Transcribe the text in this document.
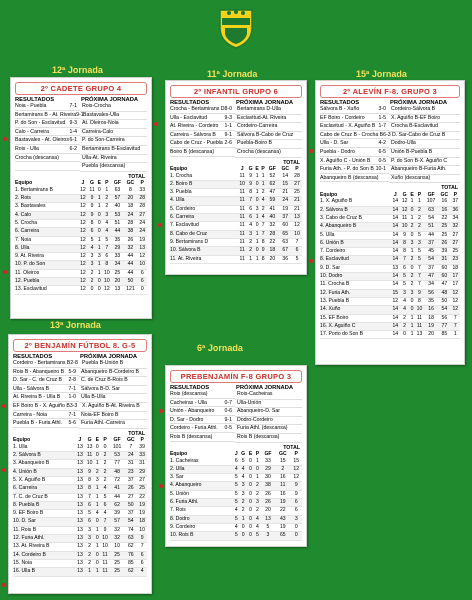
12ª Jornada	11ª Jornada	15ª Jornada
13ª Jornada
6ª Jornada
2º CADETE GRUPO 4
RESULTADOS	PRÓXIMA JORNADA
Noia - Puebla	7-1 Rois-Crocha
Bertamirans B - At. Riveira 9-1 Bastavales-Ulla
P. do Son - Esclavitud 9-3 At. Oleiros-Noia
Calo - Carreira	1-4 Carreira-Calo
Bastavales - At. Oleiros 6-1 P. do Son-Carreira
Rois - Ulla	6-2 Bertamirans B-Esclavitud
Crocha (descansa)	Ulla-At. Riveira
Puebla (descansa)
TOTAL
Equipo	J	G	E	P	GF	GC	P
1. Bertamirans B	12	11	0	1	63	8	33
2. Rois	12	9	1	2	57	20	28
3. Bastavales	12	9	1	2	40	18	28
4. Calo	12	9	0	3	53	24	27
5. Crocha	12	8	0	4	51	28	24
6. Carreira	12	6	0	4	44	38	24
7. Noia	12	5	1	5	35	26	19
8. Ulla	12	4	1	7	29	32	13
9. At. Riveira	12	3	3	6	33	44	12
10. P. do Son	12	3	1	8	34	44	10
11. Oleiros	12	2	1	10	25	44	6
12. Puebla	12	2	0	10	20	50	6
13. Esclavitud	12	0	0	12	13	121	0
2º INFANTIL GRUPO 6
RESULTADOS	PRÓXIMA JORNADA
Crocha - Bertamirans D 8-0 Bertamirans D-Ulla
Ulla - Esclavitud	9-3 Esclavitud-At. Riveira
At. Riveira - Cordeiro 1-1 Cordeiro-Carreira
Carreira - Sálvora B 9-1 Sálvora B-Cabo de Cruz
Cabo de Cruz - Puebla 2-6 Puebla-Boiro B
Boiro B (descansa)	Crocha (descansa)
TOTAL
Equipo	J	G	E	P	GF	GC	P
1. Crocha	11	9	1	1	52	14	28
2. Boiro B	10	9	0	1	62	15	27
3. Puebla	11	8	1	2	47	21	25
4. Ulla	11	7	0	4	59	24	21
5. Cordeiro	11	6	3	2	41	19	21
6. Carreira	11	6	1	4	40	37	13
7. Esclavitud	11	4	0	7	32	60	12
8. Cabo de Cruz	11	3	1	7	28	65	10
9. Bertamirans D	11	2	1	8	22	63	7
10. Sálvora B	11	2	0	9	18	67	6
11. At. Riveira	11	1	1	8	20	36	5
2º ALEVÍN F-8. GRUPO 3
RESULTADOS	PRÓXIMA JORNADA
Sálvora B - Xuño	3-0 Cordeiro-Sálvora B
EF Boiro - Cordeiro	1-5 X. Aguiño B-EF Boiro
Esclavitud - X. Aguiño B 1-7 Crocha B-Esclavitud
Cabo de Cruz B - Crocha B 6-3 D. Sar-Cabo de Cruz B
Ulla - D. Sar	4-2 Dodro-Ulla
Puebla - Dodro	6-5 Unión B-Puebla B
X. Aguiño C - Unión B 0-5 P. do Son B-X. Aguiño C
Furia Ath. - P. do Son B 10-1 Abanqueiro B-Furia Ath.
Abanqueiro B (descansa)	Xuño (descansa)
TOTAL
Equipo	J	G	E	P	GF	GC	P
1. X. Aguiño B	14	12	1	1	107	16	37
2. Sálvora B	14	12	0	2	63	16	36
3. Cabo de Cruz B	14	11	1	2	54	22	34
4. Abanqueiro B	14	10	2	2	51	25	32
5. Ulla	14	9	0	5	44	25	27
6. Unión B	14	8	3	3	37	26	27
7. Cordeiro	14	8	1	5	45	39	25
8. Esclavitud	14	7	2	5	54	31	23
9. D. Sar	13	6	0	7	37	60	18
10. Dodro	14	5	2	7	47	60	17
11. Crocha B	14	5	2	7	34	47	17
12. Furia Ath.	15	3	3	9	56	48	12
13. Puebla B	12	4	0	8	35	50	12
14. Xuño	14	4	0	10	16	54	12
15. EF Boiro	14	2	1	11	18	56	7
16. X. Aguiño C	14	2	1	11	19	77	7
17. Porto do Son B	14	0	1	13	20	85	1
2º BENJAMÍN FÚTBOL 8. G-5
RESULTADOS	PRÓXIMA JORNADA
Cordeiro - Bertamirans B 2-8 Puebla B-Unión B
Rois B - Abanqueiro B 5-9 Abanqueiro B-Cordeiro B
D. Sar - C. de Cruz B 2-8 C. de Cruz B-Rois B
Ulla - Sálvora B	7-1 Sálvora B-D. Sar
At. Riveira B - Ulla B 1-0 Ulla B-Ulla
EF Boiro B - X. Aguiño B 3-3 X. Aguiño B-At. Riveira B
Carreira - Noia	7-1 Noia-EF Boiro B
Puebla B - Furia Athl. 5-6 Furia Athl.-Carreira
TOTAL
Equipo	J	G	E	P	GF	GC	P
1. Ulla	13	13	0	0	101	7	39
2. Sálvora B	13	11	0	2	53	24	33
3. Abanqueiro B	13	10	1	2	77	31	31
4. Unión B	13	9	2	2	48	23	29
5. X. Aguiño B	13	8	3	2	72	37	27
6. Carreira	13	8	1	4	41	26	25
7. C. de Cruz B	13	7	1	5	44	27	22
8. Puebla B	13	6	1	6	62	50	19
9. EF Boiro B	13	5	4	4	39	37	19
10. D. Sar	13	6	0	7	57	54	18
11. Rois B	13	3	1	9	32	74	10
12. Furia Athl.	13	3	0	10	32	63	9
13. At. Riveira B	13	2	1	10	10	62	7
14. Cordeiro B	13	2	0	11	25	76	6
15. Noia	13	2	0	11	25	85	6
16. Ulla B	13	1	1	11	25	62	4
PREBENJAMÍN F-8 GRUPO 3
RESULTADOS	PRÓXIMA JORNADA
Rois (descansa)	Rois-Cacheiras
Cacheiras - Ulla	0-7 Ulla-Unión
Unión - Abanqueiro 0-6 Abanqueiro-D. Sar
D. Sar - Dodro	9-1 Dodro-Cordeiro
Cordeiro - Furia Athl. 0-5 Furia Athl. (descansa)
Rois B (descansa)	Rois B (descansa)
TOTAL
Equipo	J	G	E	P	GF	GC	P
1. Cacheiras	6	5	0	1	33	15	15
2. Ulla	4	4	0	0	29	2	12
3. Sar	5	4	0	1	30	16	12
4. Abanqueiro	5	3	0	2	38	11	9
5. Unión	5	3	0	2	26	16	9
6. Furia Athl.	5	2	0	3	26	19	6
7. Rois	4	2	0	2	20	22	6
8. Dodro	5	1	0	4	13	43	3
9. Cordeiro	4	0	0	4	5	19	0
10. Rois B	5	0	0	5	3	65	0
